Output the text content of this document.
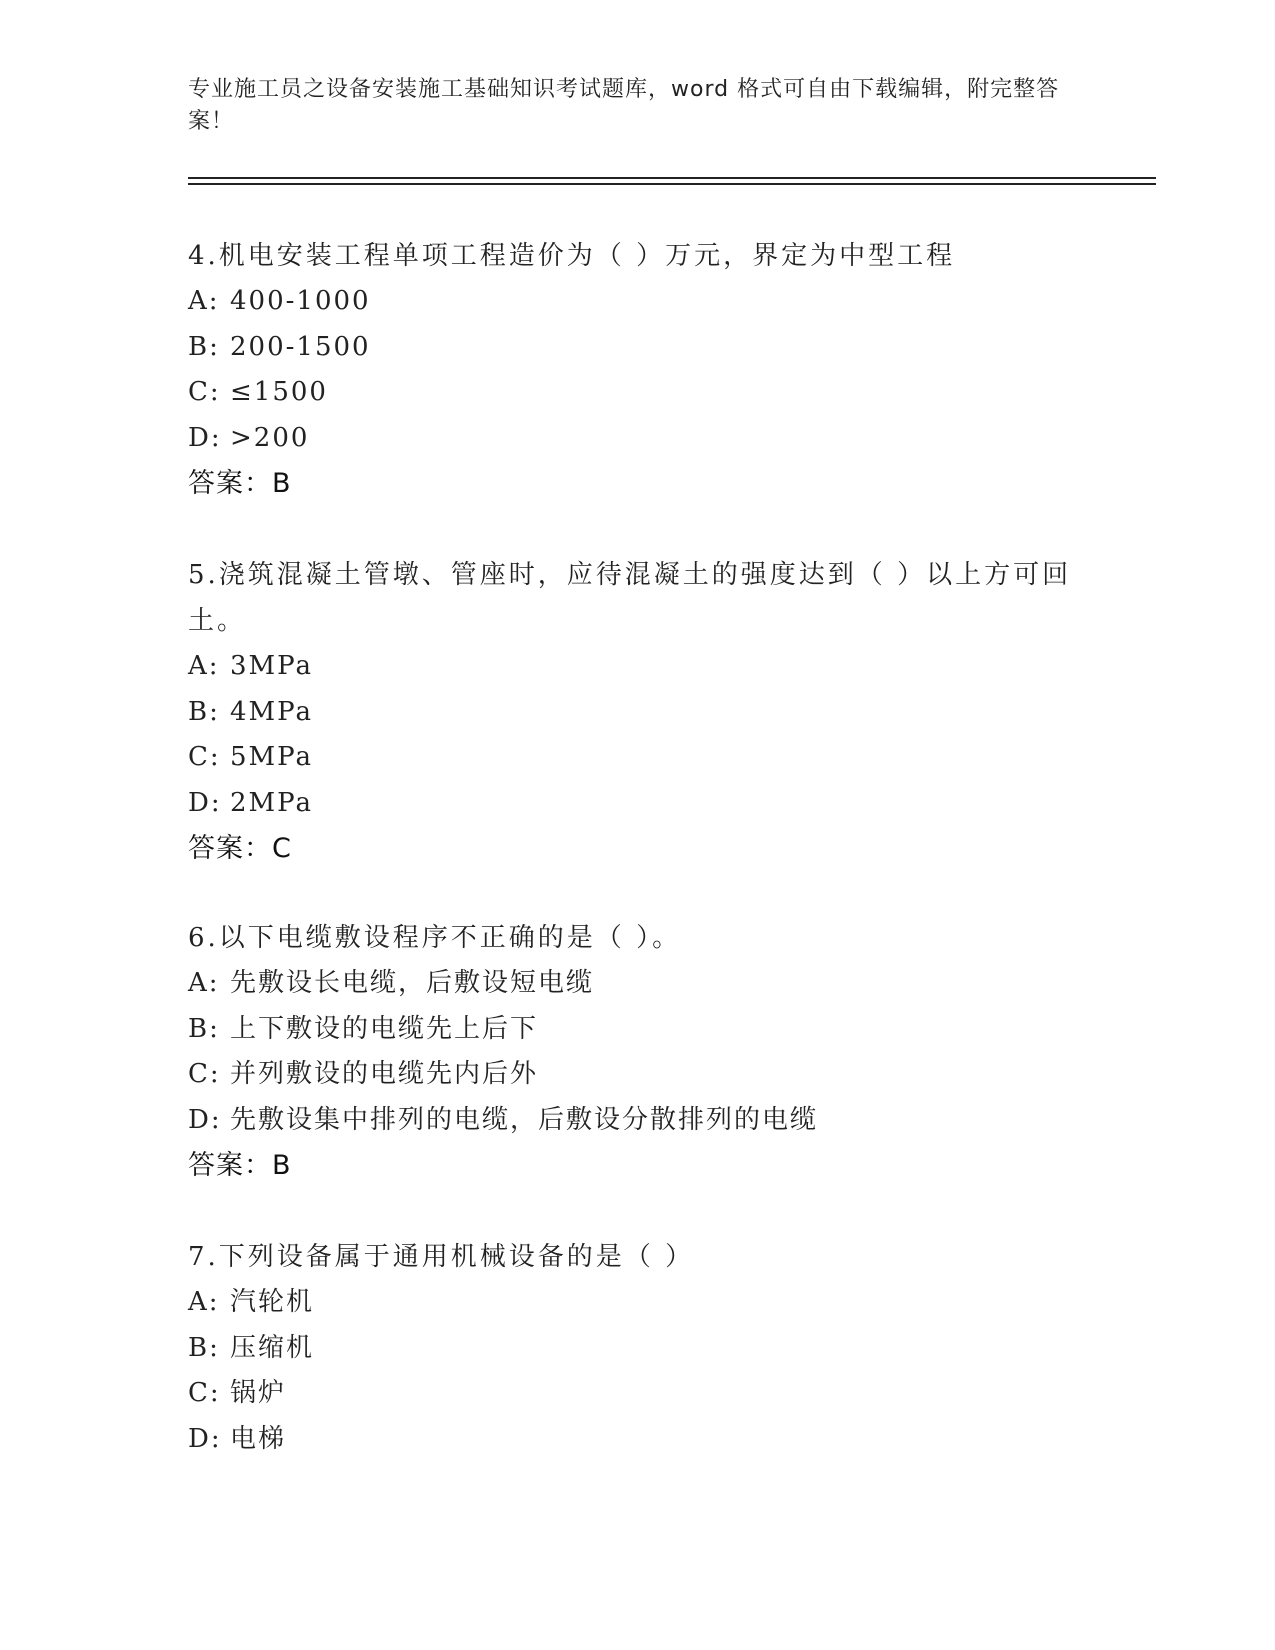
专业施工员之设备安装施工基础知识考试题库，word 格式可自由下载编辑，附完整答案！

4.机电安装工程单项工程造价为（ ）万元，界定为中型工程

A: 400-1000

B: 200-1500

C: ≤1500

D: >200

答案：B

5.浇筑混凝土管墩、管座时，应待混凝土的强度达到（ ）以上方可回土。

A: 3MPa

B: 4MPa

C: 5MPa

D: 2MPa

答案：C

6.以下电缆敷设程序不正确的是（ ）。

A: 先敷设长电缆，后敷设短电缆

B: 上下敷设的电缆先上后下

C: 并列敷设的电缆先内后外

D: 先敷设集中排列的电缆，后敷设分散排列的电缆

答案：B

7.下列设备属于通用机械设备的是（ ）

A: 汽轮机

B: 压缩机

C: 锅炉

D: 电梯
